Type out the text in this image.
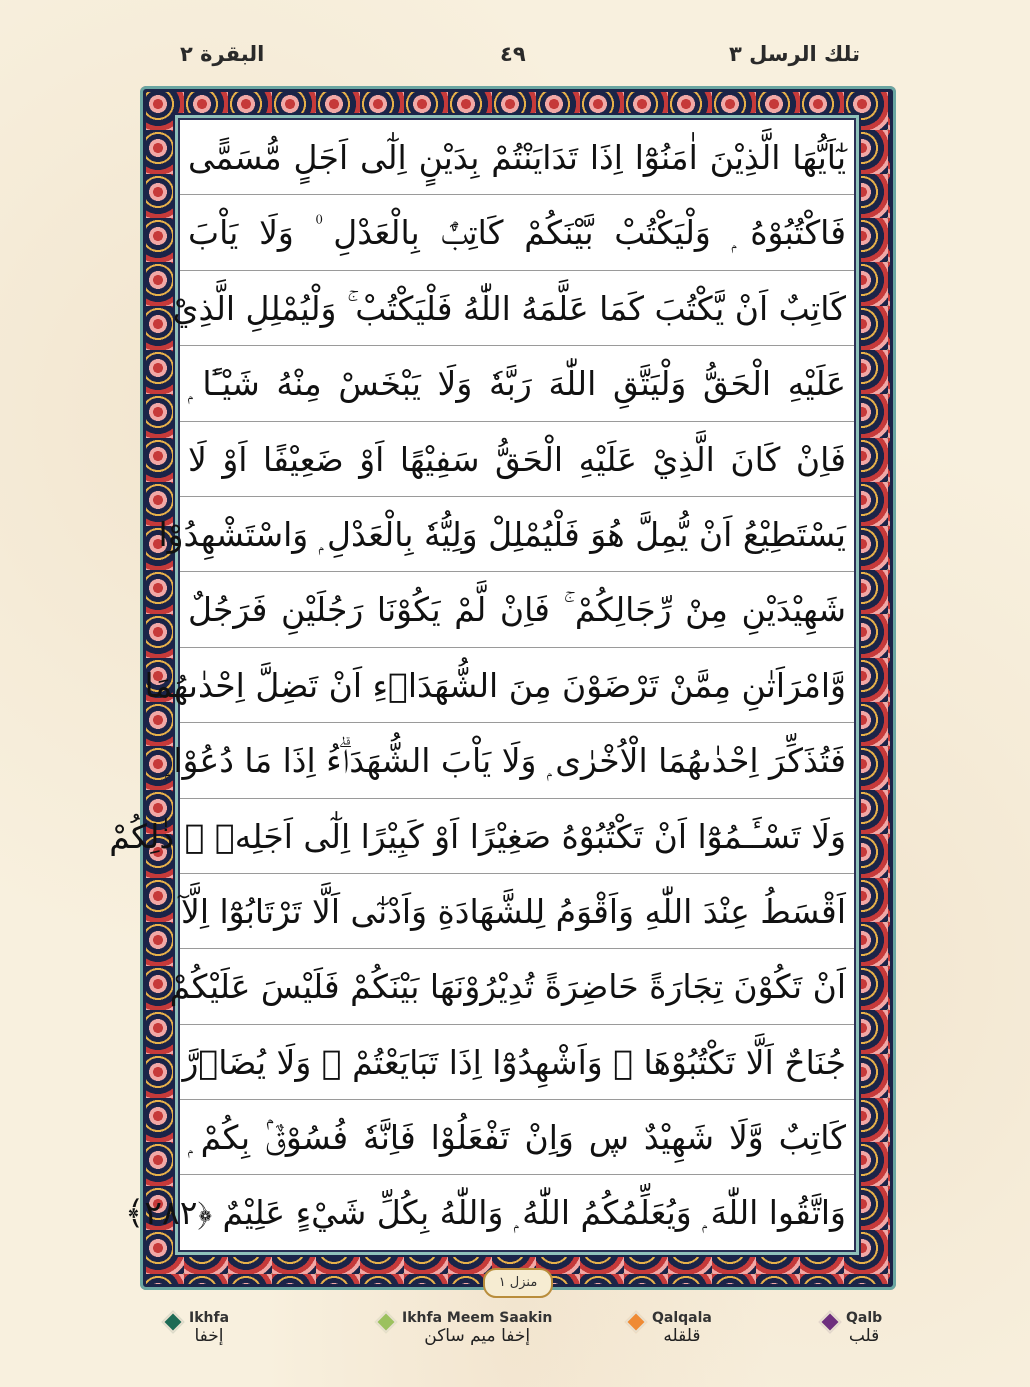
تلك الرسل ٣
٤٩
البقرة ٢
يٰٓاَيُّهَا الَّذِيْنَ اٰمَنُوْٓا اِذَا تَدَايَنْتُمْ بِدَيْنٍ اِلٰٓى اَجَلٍ مُّسَمًّى
فَاكْتُبُوْهُ ۭ وَلْيَكْتُبْ بَّيْنَكُمْ كَاتِبٌۢ بِالْعَدْلِ ۠ وَلَا يَاْبَ
كَاتِبٌ اَنْ يَّكْتُبَ كَمَا عَلَّمَهُ اللّٰهُ فَلْيَكْتُبْ ۚ وَلْيُمْلِلِ الَّذِيْ
عَلَيْهِ الْحَقُّ وَلْيَتَّقِ اللّٰهَ رَبَّهٗ وَلَا يَبْخَسْ مِنْهُ شَيْـًٔا ۭ
فَاِنْ كَانَ الَّذِيْ عَلَيْهِ الْحَقُّ سَفِيْهًا اَوْ ضَعِيْفًا اَوْ لَا
يَسْتَطِيْعُ اَنْ يُّمِلَّ هُوَ فَلْيُمْلِلْ وَلِيُّهٗ بِالْعَدْلِ ۭ وَاسْتَشْهِدُوْا
شَهِيْدَيْنِ مِنْ رِّجَالِكُمْ ۚ فَاِنْ لَّمْ يَكُوْنَا رَجُلَيْنِ فَرَجُلٌ
وَّامْرَاَتٰنِ مِمَّنْ تَرْضَوْنَ مِنَ الشُّهَدَاۗءِ اَنْ تَضِلَّ اِحْدٰىهُمَا
فَتُذَكِّرَ اِحْدٰىهُمَا الْاُخْرٰى ۭ وَلَا يَاْبَ الشُّهَدَاۗءُ اِذَا مَا دُعُوْا ۭ
وَلَا تَسْـَٔـمُوْٓا اَنْ تَكْتُبُوْهُ صَغِيْرًا اَوْ كَبِيْرًا اِلٰٓى اَجَلِهٖ ۭ ذٰلِكُمْ
اَقْسَطُ عِنْدَ اللّٰهِ وَاَقْوَمُ لِلشَّهَادَةِ وَاَدْنٰٓى اَلَّا تَرْتَابُوْٓا اِلَّآ
اَنْ تَكُوْنَ تِجَارَةً حَاضِرَةً تُدِيْرُوْنَهَا بَيْنَكُمْ فَلَيْسَ عَلَيْكُمْ
جُنَاحٌ اَلَّا تَكْتُبُوْهَا ۭ وَاَشْهِدُوْٓا اِذَا تَبَايَعْتُمْ ۠ وَلَا يُضَاۗرَّ
كَاتِبٌ وَّلَا شَهِيْدٌ ڛ وَاِنْ تَفْعَلُوْا فَاِنَّهٗ فُسُوْقٌۢ بِكُمْ ۭ
وَاتَّقُوا اللّٰهَ ۭ وَيُعَلِّمُكُمُ اللّٰهُ ۭ وَاللّٰهُ بِكُلِّ شَيْءٍ عَلِيْمٌ ﴿٢٨٢﴾
منزل ١
Ikhfa
إخفا
Ikhfa Meem Saakin
إخفا میم ساکن
Qalqala
قلقله
Qalb
قلب
